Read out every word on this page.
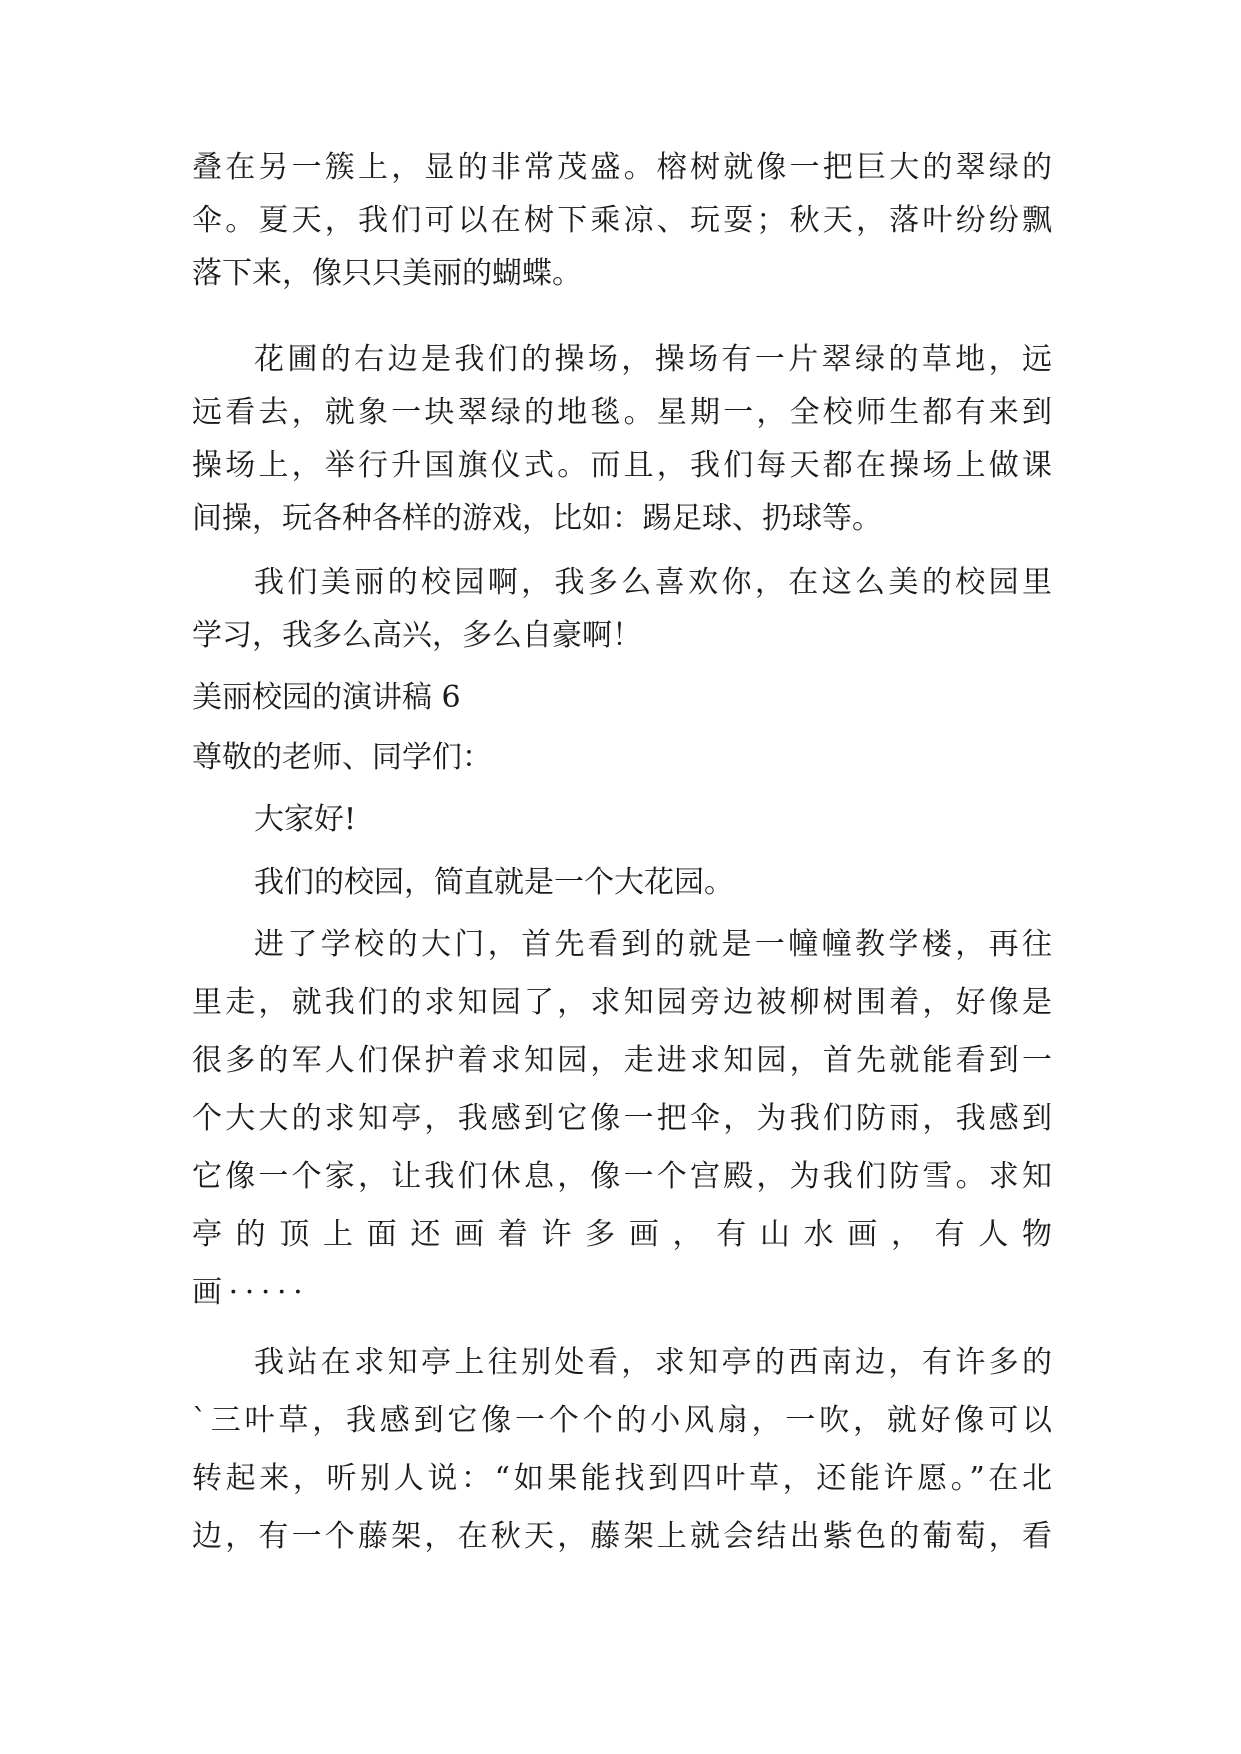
叠在另一簇上，显的非常茂盛。榕树就像一把巨大的翠绿的
伞。夏天，我们可以在树下乘凉、玩耍；秋天，落叶纷纷飘
落下来，像只只美丽的蝴蝶。
花圃的右边是我们的操场，操场有一片翠绿的草地，远
远看去，就象一块翠绿的地毯。星期一，全校师生都有来到
操场上，举行升国旗仪式。而且，我们每天都在操场上做课
间操，玩各种各样的游戏，比如：踢足球、扔球等。
我们美丽的校园啊，我多么喜欢你，在这么美的校园里
学习，我多么高兴，多么自豪啊！
美丽校园的演讲稿 6
尊敬的老师、同学们：
大家好!
我们的校园，简直就是一个大花园。
进了学校的大门，首先看到的就是一幢幢教学楼，再往
里走，就我们的求知园了，求知园旁边被柳树围着，好像是
很多的军人们保护着求知园，走进求知园，首先就能看到一
个大大的求知亭，我感到它像一把伞，为我们防雨，我感到
它像一个家，让我们休息，像一个宫殿，为我们防雪。求知
亭的顶上面还画着许多画，有山水画，有人物
画·····
我站在求知亭上往别处看，求知亭的西南边，有许多的
`三叶草，我感到它像一个个的小风扇，一吹，就好像可以
转起来，听别人说：“如果能找到四叶草，还能许愿。”在北
边，有一个藤架，在秋天，藤架上就会结出紫色的葡萄，看
